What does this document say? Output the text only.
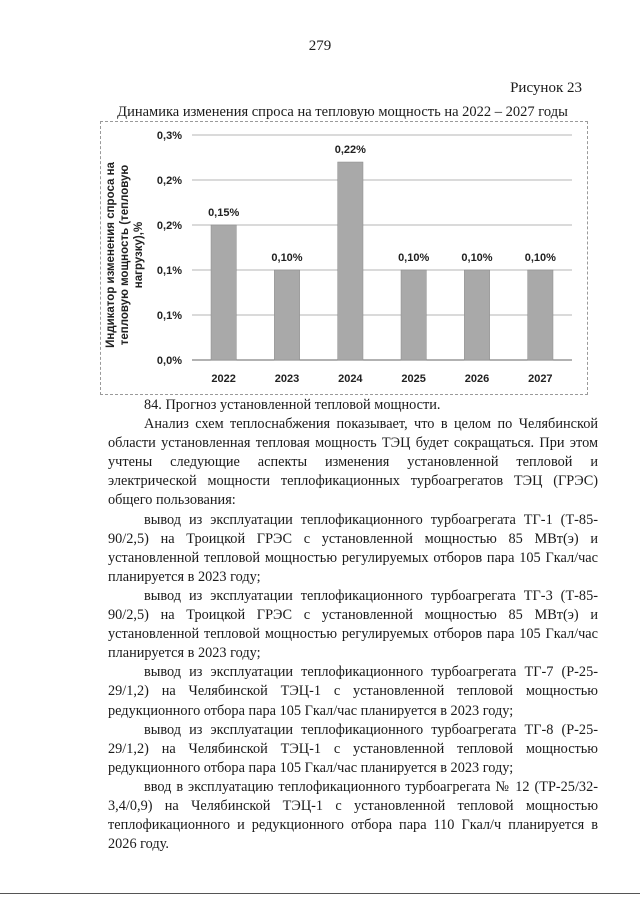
279
Рисунок 23
Динамика изменения спроса на тепловую мощность на 2022 – 2027 годы
0,0%
0,1%
0,1%
0,2%
0,2%
0,3%
0,15%
0,10%
0,22%
0,10%	0,10%	0,10%
2022	2023	2024	2025	2026	2027
Индикатор изменения спроса на тепловую мощность (тепловую нагрузку),%

84. Прогноз установленной тепловой мощности.

Анализ схем теплоснабжения показывает, что в целом по Челябинской области установленная тепловая мощность ТЭЦ будет сокращаться. При этом учтены следующие аспекты изменения установленной тепловой и электрической мощности теплофикационных турбоагрегатов ТЭЦ (ГРЭС) общего пользования:

вывод из эксплуатации теплофикационного турбоагрегата ТГ-1 (Т-85-90/2,5) на Троицкой ГРЭС с установленной мощностью 85 МВт(э) и установленной тепловой мощностью регулируемых отборов пара 105 Гкал/час планируется в 2023 году;

вывод из эксплуатации теплофикационного турбоагрегата ТГ-3 (Т-85-90/2,5) на Троицкой ГРЭС с установленной мощностью 85 МВт(э) и установленной тепловой мощностью регулируемых отборов пара 105 Гкал/час планируется в 2023 году;

вывод из эксплуатации теплофикационного турбоагрегата ТГ-7 (Р-25-29/1,2) на Челябинской ТЭЦ-1 с установленной тепловой мощностью редукционного отбора пара 105 Гкал/час планируется в 2023 году;

вывод из эксплуатации теплофикационного турбоагрегата ТГ-8 (Р-25-29/1,2) на Челябинской ТЭЦ-1 с установленной тепловой мощностью редукционного отбора пара 105 Гкал/час планируется в 2023 году;

ввод в эксплуатацию теплофикационного турбоагрегата № 12 (ТР-25/32-3,4/0,9) на Челябинской ТЭЦ-1 с установленной тепловой мощностью теплофикационного и редукционного отбора пара 110 Гкал/ч планируется в 2026 году.
